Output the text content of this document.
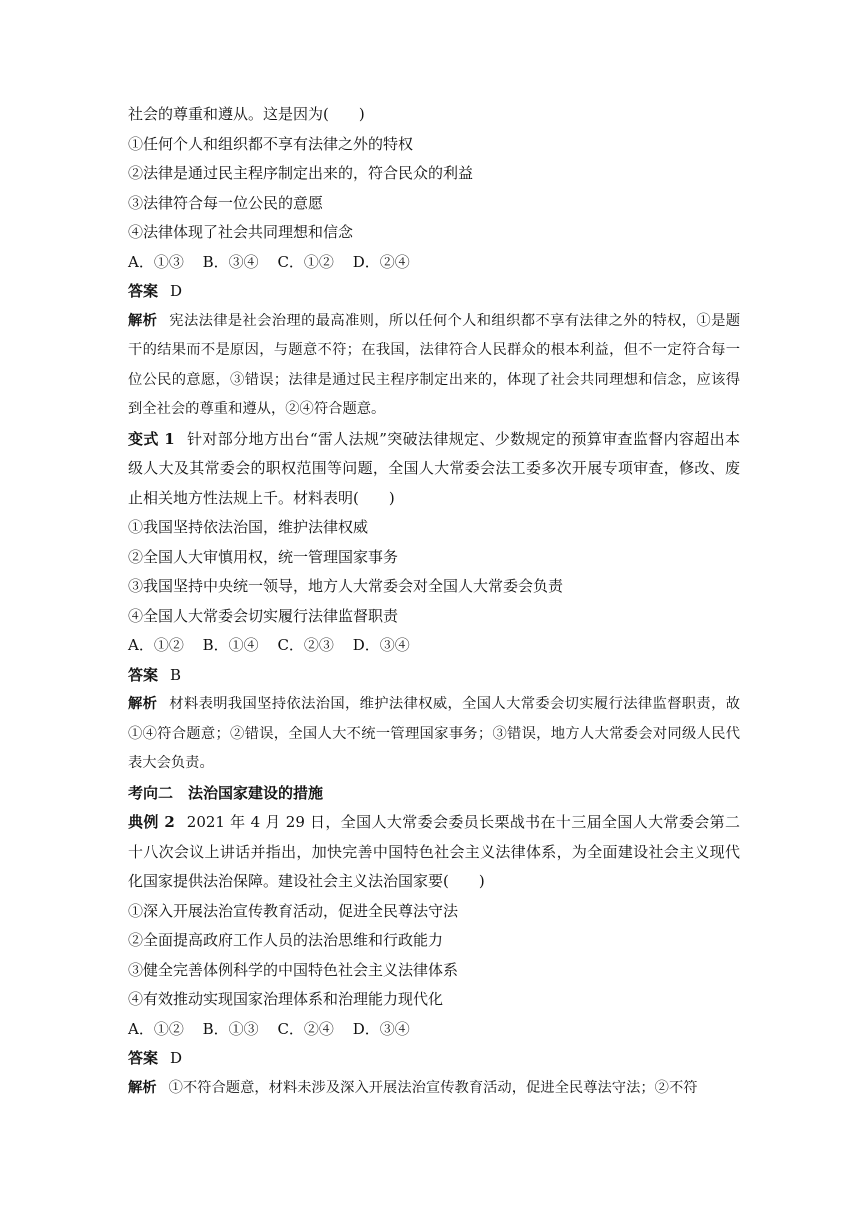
社会的尊重和遵从。这是因为(　　)
①任何个人和组织都不享有法律之外的特权
②法律是通过民主程序制定出来的，符合民众的利益
③法律符合每一位公民的意愿
④法律体现了社会共同理想和信念
A．①③ B．③④ C．①② D．②④
答案 D
解析 宪法法律是社会治理的最高准则，所以任何个人和组织都不享有法律之外的特权，①是题干的结果而不是原因，与题意不符；在我国，法律符合人民群众的根本利益，但不一定符合每一位公民的意愿，③错误；法律是通过民主程序制定出来的，体现了社会共同理想和信念，应该得到全社会的尊重和遵从，②④符合题意。
变式 1 针对部分地方出台“雷人法规”突破法律规定、少数规定的预算审查监督内容超出本级人大及其常委会的职权范围等问题，全国人大常委会法工委多次开展专项审查，修改、废止相关地方性法规上千。材料表明(　　)
①我国坚持依法治国，维护法律权威
②全国人大审慎用权，统一管理国家事务
③我国坚持中央统一领导，地方人大常委会对全国人大常委会负责
④全国人大常委会切实履行法律监督职责
A．①② B．①④ C．②③ D．③④
答案 B
解析 材料表明我国坚持依法治国，维护法律权威，全国人大常委会切实履行法律监督职责，故①④符合题意；②错误，全国人大不统一管理国家事务；③错误，地方人大常委会对同级人民代表大会负责。
考向二　法治国家建设的措施
典例 2 2021 年 4 月 29 日，全国人大常委会委员长栗战书在十三届全国人大常委会第二十八次会议上讲话并指出，加快完善中国特色社会主义法律体系，为全面建设社会主义现代化国家提供法治保障。建设社会主义法治国家要(　　)
①深入开展法治宣传教育活动，促进全民尊法守法
②全面提高政府工作人员的法治思维和行政能力
③健全完善体例科学的中国特色社会主义法律体系
④有效推动实现国家治理体系和治理能力现代化
A．①② B．①③ C．②④ D．③④
答案 D
解析 ①不符合题意，材料未涉及深入开展法治宣传教育活动，促进全民尊法守法；②不符
